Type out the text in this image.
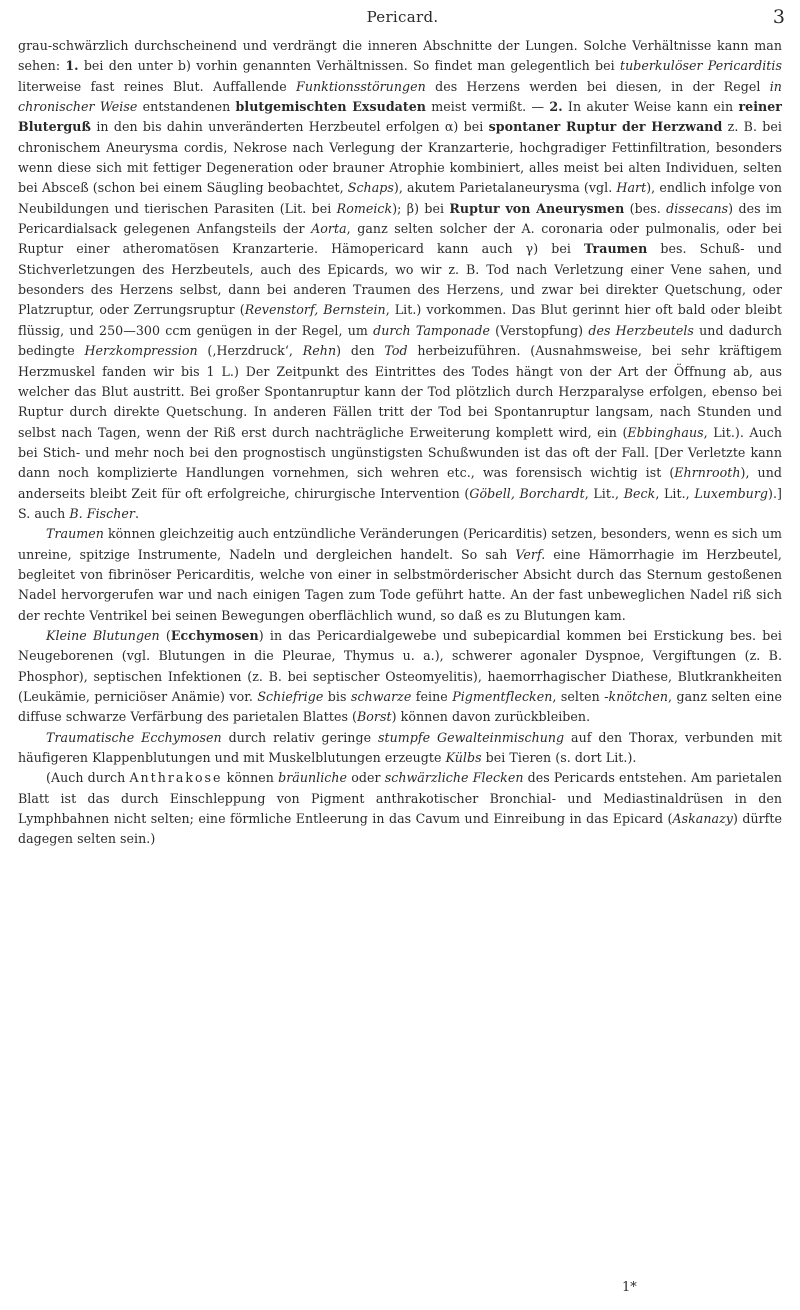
Pericard.	3

grau-schwärzlich durchscheinend und verdrängt die inneren Abschnitte der Lungen. Solche Verhältnisse kann man sehen: 1. bei den unter b) vorhin genannten Verhältnissen. So findet man gelegentlich bei tuberkulöser Pericarditis literweise fast reines Blut. Auffallende Funktionsstörungen des Herzens werden bei diesen, in der Regel in chronischer Weise entstandenen blutgemischten Exsudaten meist vermißt. — 2. In akuter Weise kann ein reiner Bluterguß in den bis dahin unveränderten Herzbeutel erfolgen α) bei spontaner Ruptur der Herzwand z. B. bei chronischem Aneurysma cordis, Nekrose nach Verlegung der Kranzarterie, hochgradiger Fettinfiltration, besonders wenn diese sich mit fettiger Degeneration oder brauner Atrophie kombiniert, alles meist bei alten Individuen, selten bei Absceß (schon bei einem Säugling beobachtet, Schaps), akutem Parietalaneurysma (vgl. Hart), endlich infolge von Neubildungen und tierischen Parasiten (Lit. bei Romeick); β) bei Ruptur von Aneurysmen (bes. dissecans) des im Pericardialsack gelegenen Anfangsteils der Aorta, ganz selten solcher der A. coronaria oder pulmonalis, oder bei Ruptur einer atheromatösen Kranzarterie. Hämopericard kann auch γ) bei Traumen bes. Schuß- und Stichverletzungen des Herzbeutels, auch des Epicards, wo wir z. B. Tod nach Verletzung einer Vene sahen, und besonders des Herzens selbst, dann bei anderen Traumen des Herzens, und zwar bei direkter Quetschung, oder Platzruptur, oder Zerrungsruptur (Revenstorf, Bernstein, Lit.) vorkommen. Das Blut gerinnt hier oft bald oder bleibt flüssig, und 250—300 ccm genügen in der Regel, um durch Tamponade (Verstopfung) des Herzbeutels und dadurch bedingte Herzkompression (‚Herzdruck‘, Rehn) den Tod herbeizuführen. (Ausnahmsweise, bei sehr kräftigem Herzmuskel fanden wir bis 1 L.) Der Zeitpunkt des Eintrittes des Todes hängt von der Art der Öffnung ab, aus welcher das Blut austritt. Bei großer Spontanruptur kann der Tod plötzlich durch Herzparalyse erfolgen, ebenso bei Ruptur durch direkte Quetschung. In anderen Fällen tritt der Tod bei Spontanruptur langsam, nach Stunden und selbst nach Tagen, wenn der Riß erst durch nachträgliche Erweiterung komplett wird, ein (Ebbinghaus, Lit.). Auch bei Stich- und mehr noch bei den prognostisch ungünstigsten Schußwunden ist das oft der Fall. [Der Verletzte kann dann noch komplizierte Handlungen vornehmen, sich wehren etc., was forensisch wichtig ist (Ehrnrooth), und anderseits bleibt Zeit für oft erfolgreiche, chirurgische Intervention (Göbell, Borchardt, Lit., Beck, Lit., Luxemburg).] S. auch B. Fischer.

Traumen können gleichzeitig auch entzündliche Veränderungen (Pericarditis) setzen, besonders, wenn es sich um unreine, spitzige Instrumente, Nadeln und dergleichen handelt. So sah Verf. eine Hämorrhagie im Herzbeutel, begleitet von fibrinöser Pericarditis, welche von einer in selbstmörderischer Absicht durch das Sternum gestoßenen Nadel hervorgerufen war und nach einigen Tagen zum Tode geführt hatte. An der fast unbeweglichen Nadel riß sich der rechte Ventrikel bei seinen Bewegungen oberflächlich wund, so daß es zu Blutungen kam.

Kleine Blutungen (Ecchymosen) in das Pericardialgewebe und subepicardial kommen bei Erstickung bes. bei Neugeborenen (vgl. Blutungen in die Pleurae, Thymus u. a.), schwerer agonaler Dyspnoe, Vergiftungen (z. B. Phosphor), septischen Infektionen (z. B. bei septischer Osteomyelitis), haemorrhagischer Diathese, Blutkrankheiten (Leukämie, perniciöser Anämie) vor. Schiefrige bis schwarze feine Pigmentflecken, selten -knötchen, ganz selten eine diffuse schwarze Verfärbung des parietalen Blattes (Borst) können davon zurückbleiben.

Traumatische Ecchymosen durch relativ geringe stumpfe Gewalteinmischung auf den Thorax, verbunden mit häufigeren Klappenblutungen und mit Muskelblutungen erzeugte Külbs bei Tieren (s. dort Lit.).

(Auch durch Anthrakose können bräunliche oder schwärzliche Flecken des Pericards entstehen. Am parietalen Blatt ist das durch Einschleppung von Pigment anthrakotischer Bronchial- und Mediastinaldrüsen in den Lymphbahnen nicht selten; eine förmliche Entleerung in das Cavum und Einreibung in das Epicard (Askanazy) dürfte dagegen selten sein.)

1*
